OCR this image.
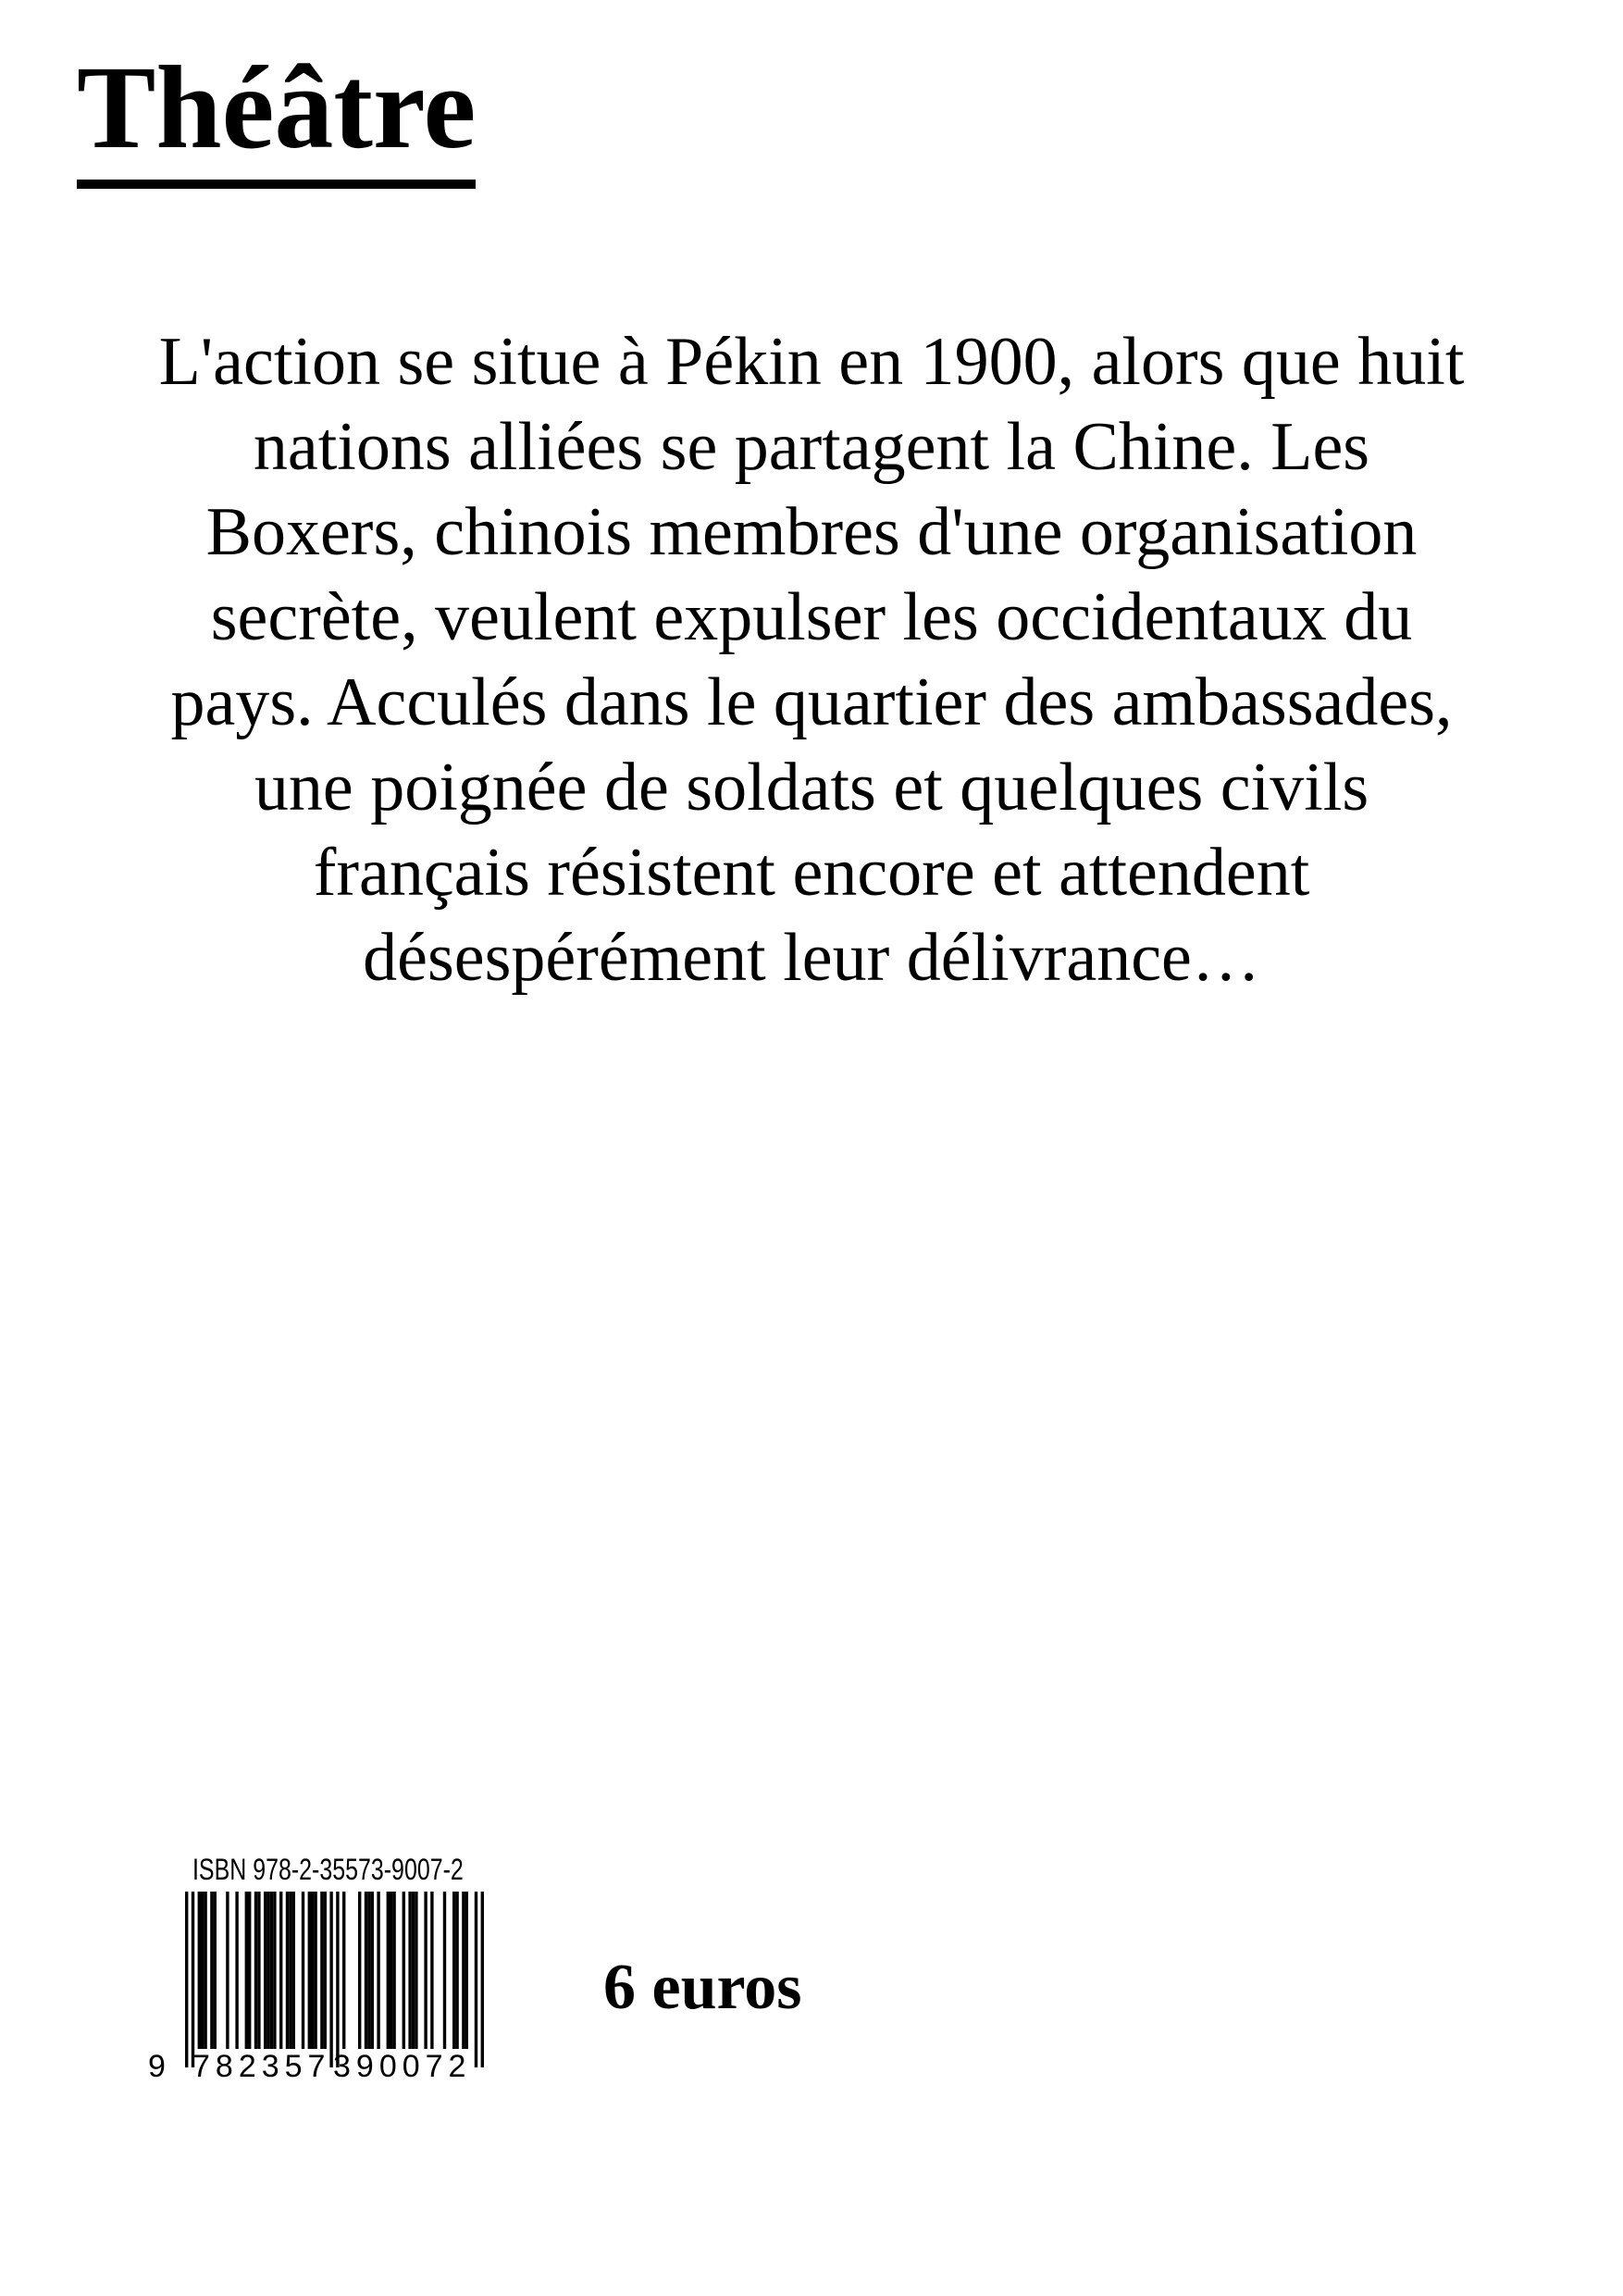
Théâtre

L'action se situe à Pékin en 1900, alors que huit
nations alliées se partagent la Chine. Les
Boxers, chinois membres d'une organisation
secrète, veulent expulser les occidentaux du
pays. Acculés dans le quartier des ambassades,
une poignée de soldats et quelques civils
français résistent encore et attendent
désespérément leur délivrance…

ISBN 978-2-35573-9007-2
9 782357 390072

6 euros
